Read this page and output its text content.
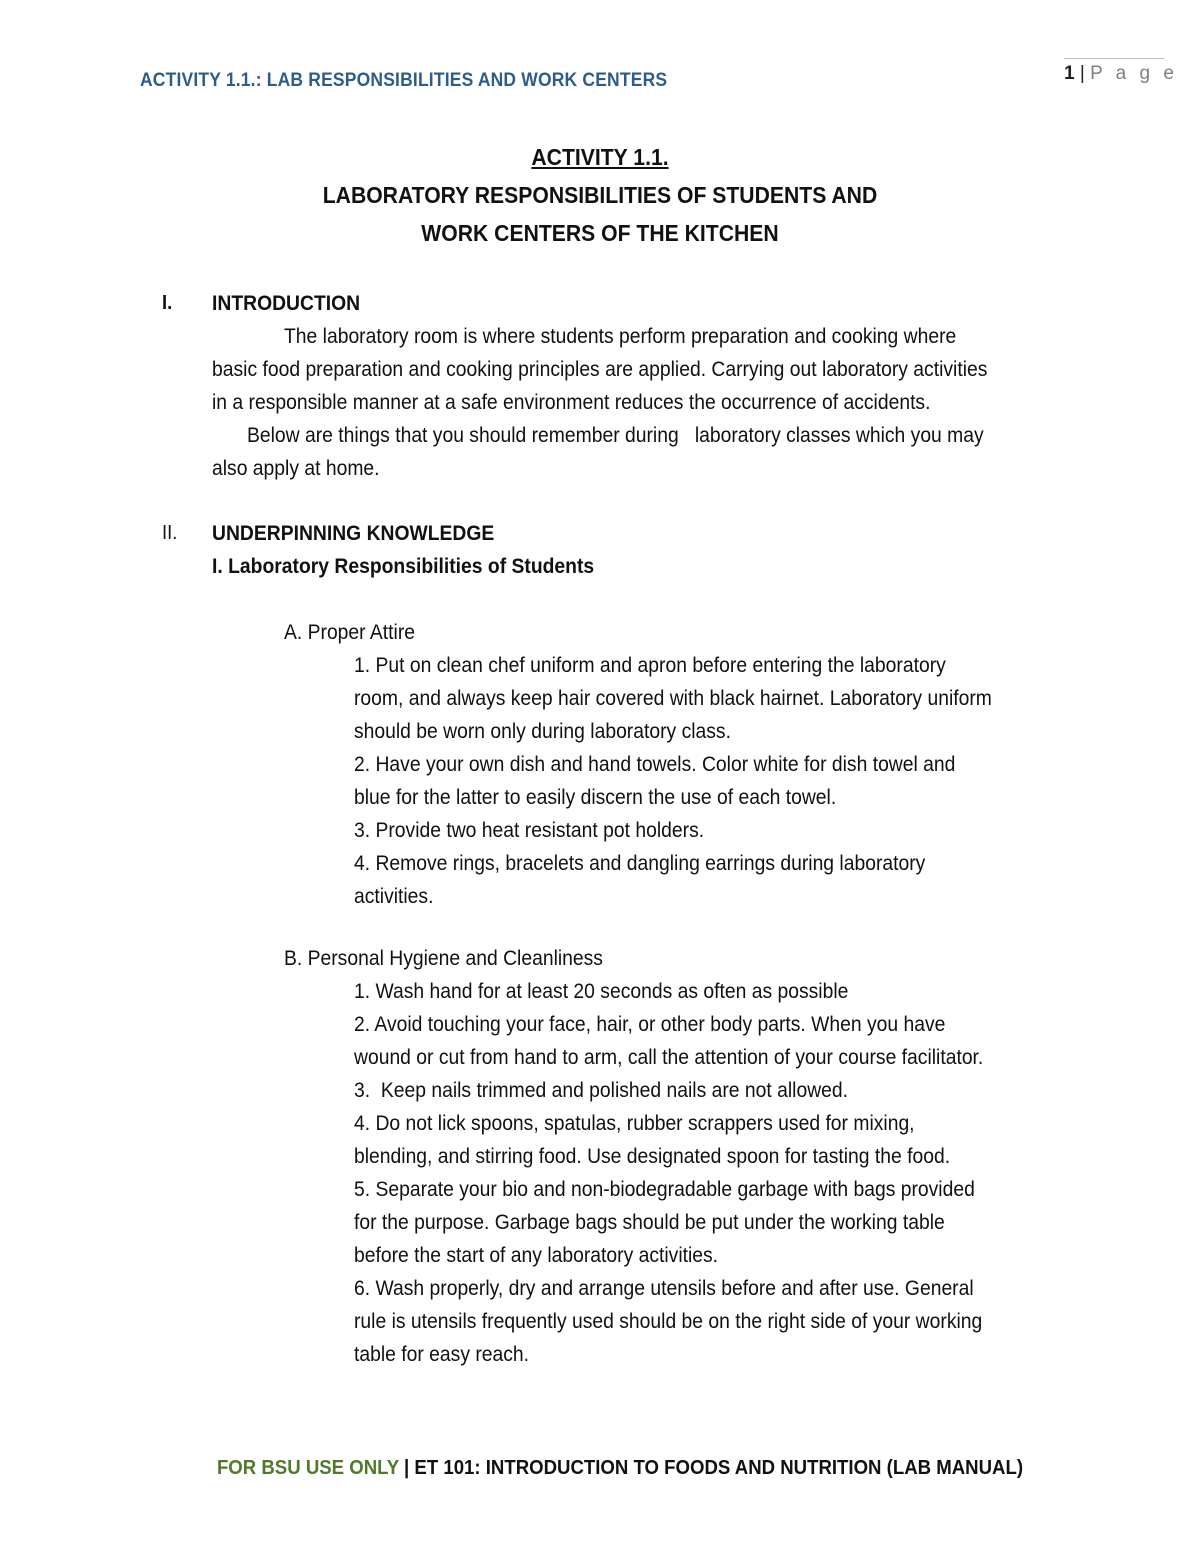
ACTIVITY 1.1.: LAB RESPONSIBILITIES AND WORK CENTERS	1 | P a g e
ACTIVITY 1.1.
LABORATORY RESPONSIBILITIES OF STUDENTS AND
WORK CENTERS OF THE KITCHEN
I. INTRODUCTION
The laboratory room is where students perform preparation and cooking where
basic food preparation and cooking principles are applied. Carrying out laboratory activities
in a responsible manner at a safe environment reduces the occurrence of accidents.
Below are things that you should remember during   laboratory classes which you may
also apply at home.
II. UNDERPINNING KNOWLEDGE
I. Laboratory Responsibilities of Students
A. Proper Attire
1. Put on clean chef uniform and apron before entering the laboratory
room, and always keep hair covered with black hairnet. Laboratory uniform
should be worn only during laboratory class.
2. Have your own dish and hand towels. Color white for dish towel and
blue for the latter to easily discern the use of each towel.
3. Provide two heat resistant pot holders.
4. Remove rings, bracelets and dangling earrings during laboratory
activities.
B. Personal Hygiene and Cleanliness
1. Wash hand for at least 20 seconds as often as possible
2. Avoid touching your face, hair, or other body parts. When you have
wound or cut from hand to arm, call the attention of your course facilitator.
3.  Keep nails trimmed and polished nails are not allowed.
4. Do not lick spoons, spatulas, rubber scrappers used for mixing,
blending, and stirring food. Use designated spoon for tasting the food.
5. Separate your bio and non-biodegradable garbage with bags provided
for the purpose. Garbage bags should be put under the working table
before the start of any laboratory activities.
6. Wash properly, dry and arrange utensils before and after use. General
rule is utensils frequently used should be on the right side of your working
table for easy reach.
FOR BSU USE ONLY | ET 101: INTRODUCTION TO FOODS AND NUTRITION (LAB MANUAL)
